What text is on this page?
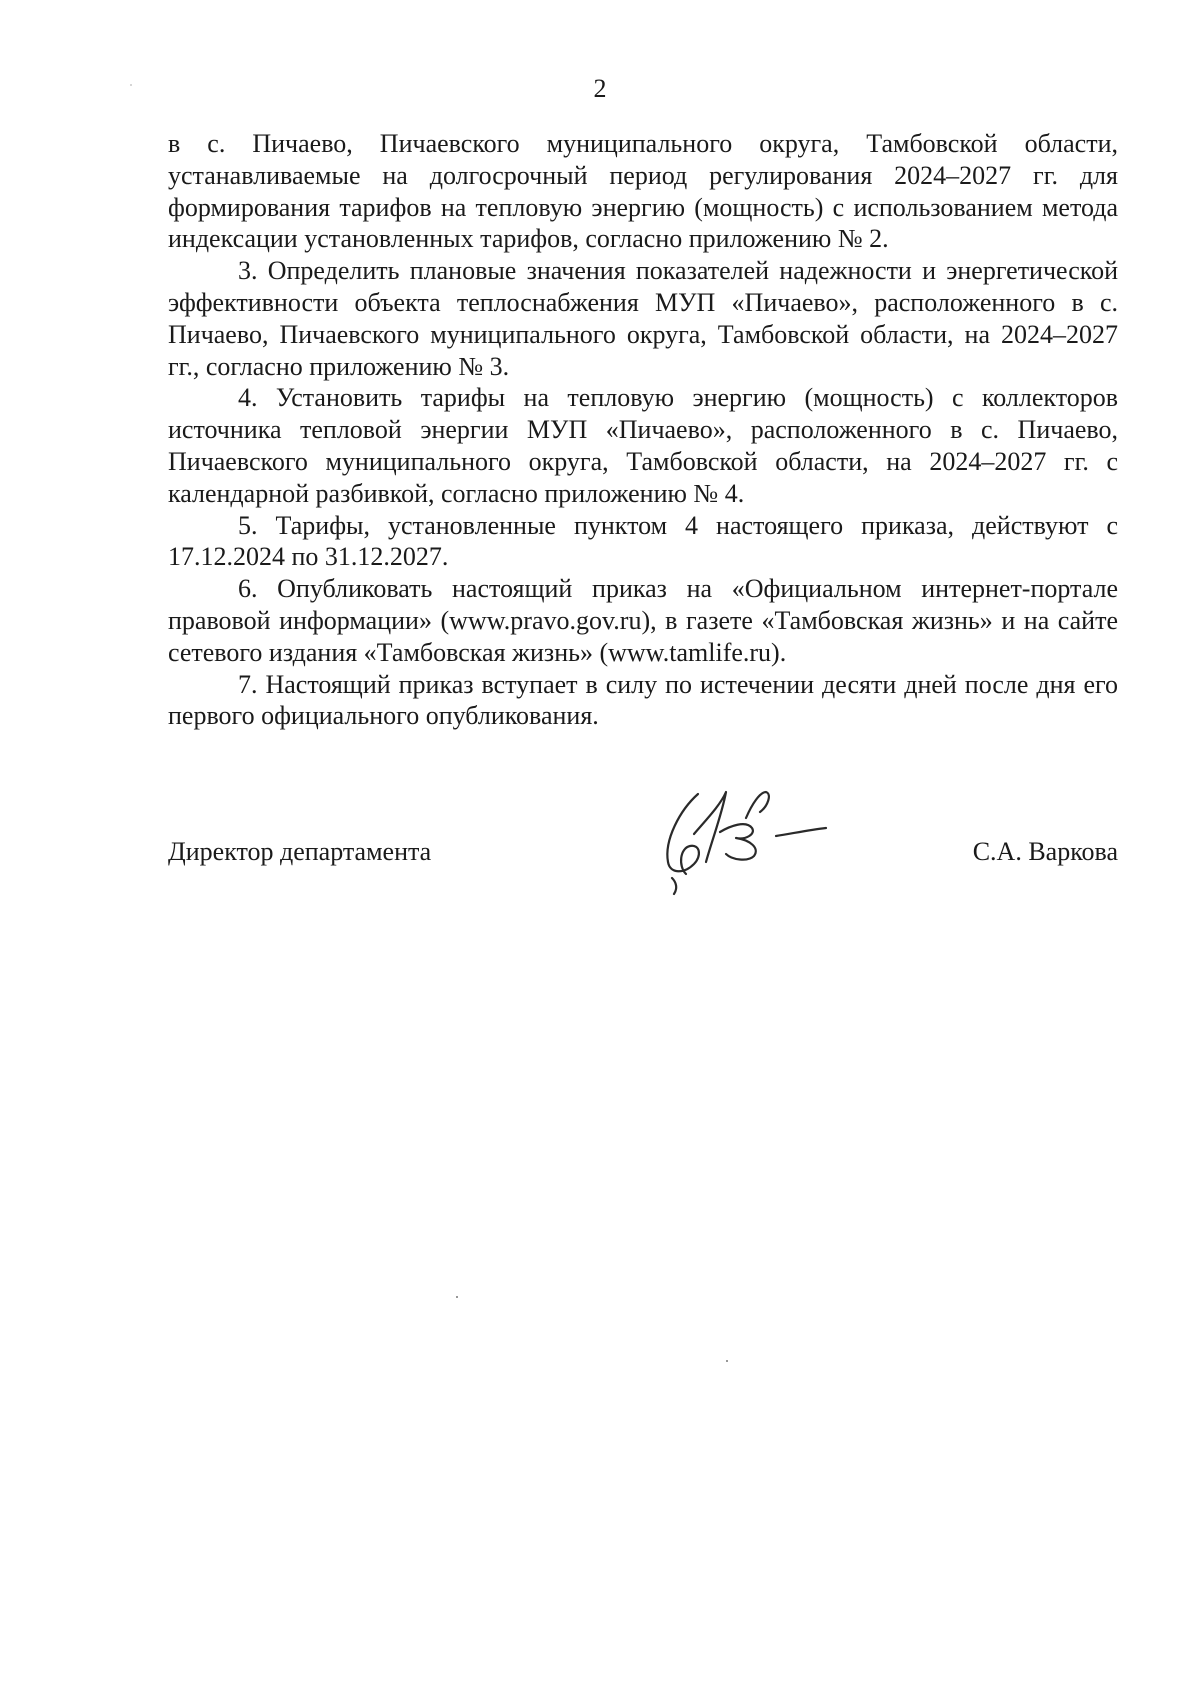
2

в с. Пичаево, Пичаевского муниципального округа, Тамбовской области, устанавливаемые на долгосрочный период регулирования 2024–2027 гг. для формирования тарифов на тепловую энергию (мощность) с использованием метода индексации установленных тарифов, согласно приложению № 2.

3. Определить плановые значения показателей надежности и энергетической эффективности объекта теплоснабжения МУП «Пичаево», расположенного в с. Пичаево, Пичаевского муниципального округа, Тамбовской области, на 2024–2027 гг., согласно приложению № 3.

4. Установить тарифы на тепловую энергию (мощность) с коллекторов источника тепловой энергии МУП «Пичаево», расположенного в с. Пичаево, Пичаевского муниципального округа, Тамбовской области, на 2024–2027 гг. с календарной разбивкой, согласно приложению № 4.

5. Тарифы, установленные пунктом 4 настоящего приказа, действуют с 17.12.2024 по 31.12.2027.

6. Опубликовать настоящий приказ на «Официальном интернет-портале правовой информации» (www.pravo.gov.ru), в газете «Тамбовская жизнь» и на сайте сетевого издания «Тамбовская жизнь» (www.tamlife.ru).

7. Настоящий приказ вступает в силу по истечении десяти дней после дня его первого официального опубликования.

Директор департамента	С.А. Варкова
